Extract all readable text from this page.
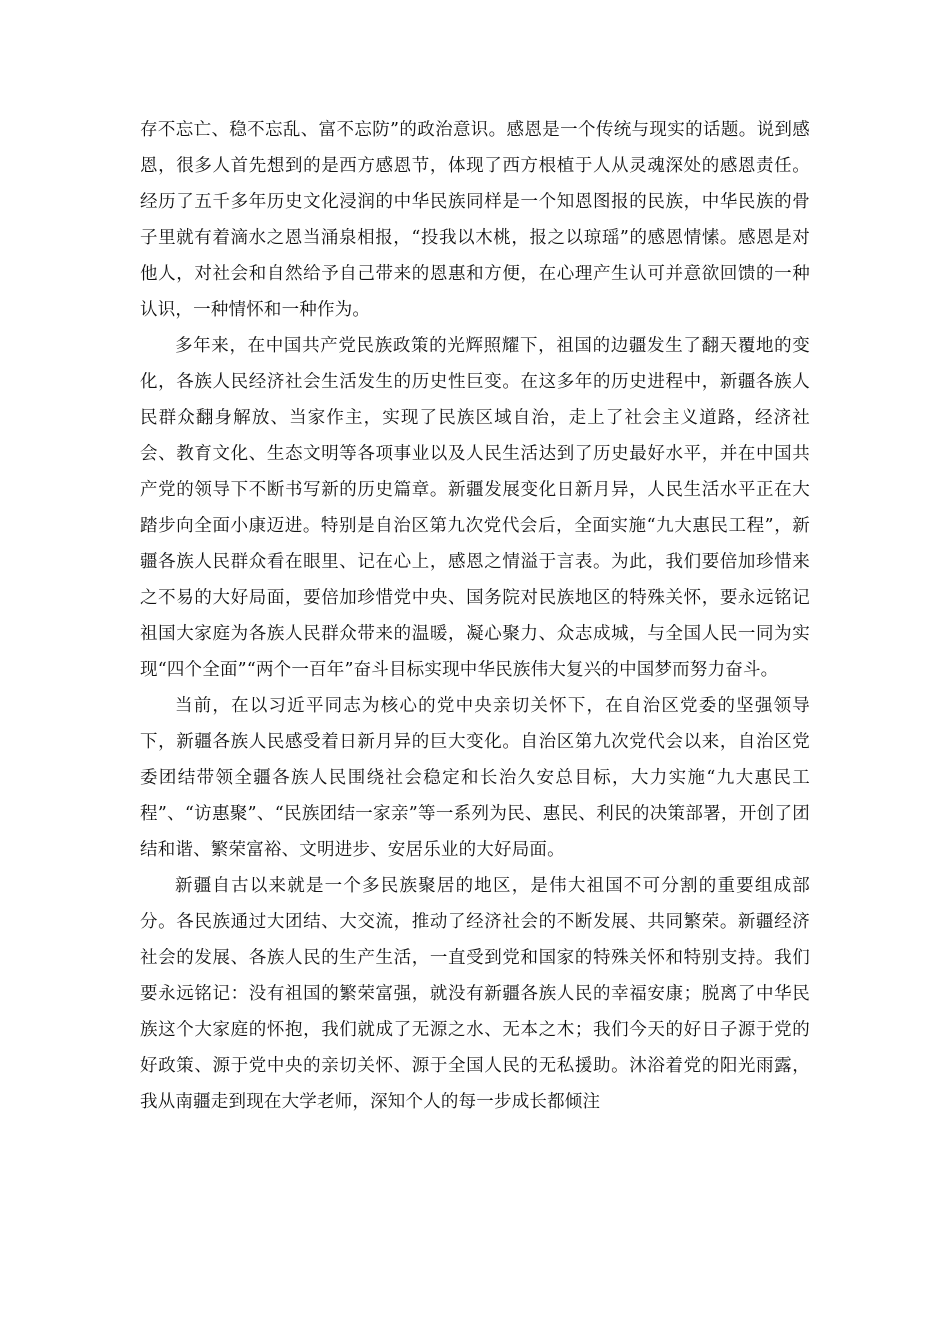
存不忘亡、稳不忘乱、富不忘防”的政治意识。感恩是一个传统与现实的话题。说到感恩，很多人首先想到的是西方感恩节，体现了西方根植于人从灵魂深处的感恩责任。经历了五千多年历史文化浸润的中华民族同样是一个知恩图报的民族，中华民族的骨子里就有着滴水之恩当涌泉相报，“投我以木桃，报之以琼瑶”的感恩情愫。感恩是对他人，对社会和自然给予自己带来的恩惠和方便，在心理产生认可并意欲回馈的一种认识，一种情怀和一种作为。

多年来，在中国共产党民族政策的光辉照耀下，祖国的边疆发生了翻天覆地的变化，各族人民经济社会生活发生的历史性巨变。在这多年的历史进程中，新疆各族人民群众翻身解放、当家作主，实现了民族区域自治，走上了社会主义道路，经济社会、教育文化、生态文明等各项事业以及人民生活达到了历史最好水平，并在中国共产党的领导下不断书写新的历史篇章。新疆发展变化日新月异，人民生活水平正在大踏步向全面小康迈进。特别是自治区第九次党代会后，全面实施“九大惠民工程”，新疆各族人民群众看在眼里、记在心上，感恩之情溢于言表。为此，我们要倍加珍惜来之不易的大好局面，要倍加珍惜党中央、国务院对民族地区的特殊关怀，要永远铭记祖国大家庭为各族人民群众带来的温暖，凝心聚力、众志成城，与全国人民一同为实现“四个全面”“两个一百年”奋斗目标实现中华民族伟大复兴的中国梦而努力奋斗。

当前，在以习近平同志为核心的党中央亲切关怀下，在自治区党委的坚强领导下，新疆各族人民感受着日新月异的巨大变化。自治区第九次党代会以来，自治区党委团结带领全疆各族人民围绕社会稳定和长治久安总目标，大力实施“九大惠民工程”、“访惠聚”、“民族团结一家亲”等一系列为民、惠民、利民的决策部署，开创了团结和谐、繁荣富裕、文明进步、安居乐业的大好局面。

新疆自古以来就是一个多民族聚居的地区，是伟大祖国不可分割的重要组成部分。各民族通过大团结、大交流，推动了经济社会的不断发展、共同繁荣。新疆经济社会的发展、各族人民的生产生活，一直受到党和国家的特殊关怀和特别支持。我们要永远铭记：没有祖国的繁荣富强，就没有新疆各族人民的幸福安康；脱离了中华民族这个大家庭的怀抱，我们就成了无源之水、无本之木；我们今天的好日子源于党的好政策、源于党中央的亲切关怀、源于全国人民的无私援助。沐浴着党的阳光雨露，我从南疆走到现在大学老师，深知个人的每一步成长都倾注
